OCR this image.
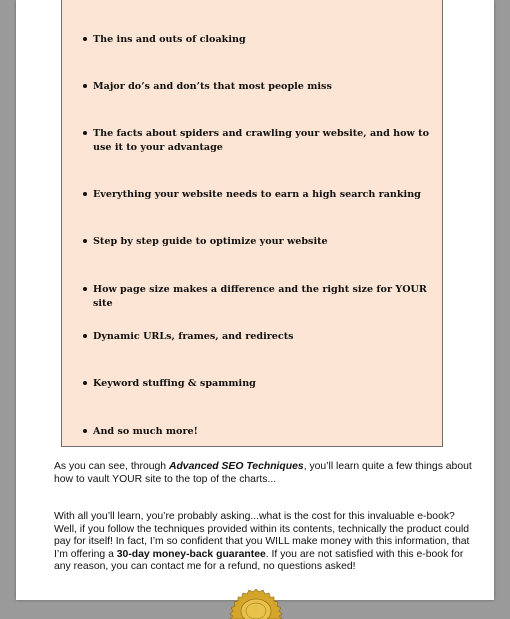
The ins and outs of cloaking
Major do’s and don’ts that most people miss
The facts about spiders and crawling your website, and how to use it to your advantage
Everything your website needs to earn a high search ranking
Step by step guide to optimize your website
How page size makes a difference and the right size for YOUR site
Dynamic URLs, frames, and redirects
Keyword stuffing & spamming
And so much more!

As you can see, through Advanced SEO Techniques, you’ll learn quite a few things about how to vault YOUR site to the top of the charts...

With all you’ll learn, you’re probably asking...what is the cost for this invaluable e-book? Well, if you follow the techniques provided within its contents, technically the product could pay for itself! In fact, I’m so confident that you WILL make money with this information, that I’m offering a 30-day money-back guarantee. If you are not satisfied with this e-book for any reason, you can contact me for a refund, no questions asked!
